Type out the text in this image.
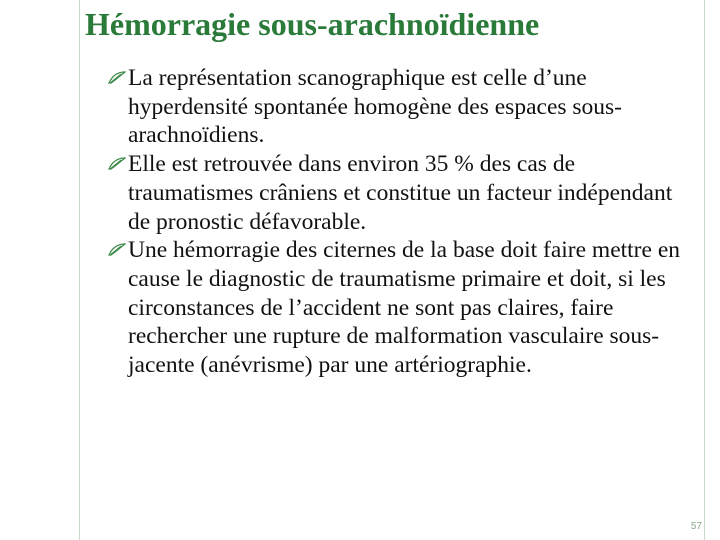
Hémorragie sous-arachnoïdienne
La représentation scanographique est celle d’une hyperdensité spontanée homogène des espaces sous-arachnoïdiens.
Elle est retrouvée dans environ 35 % des cas de traumatismes crâniens et constitue un facteur indépendant de pronostic défavorable.
Une hémorragie des citernes de la base doit faire mettre en cause le diagnostic de traumatisme primaire et doit, si les circonstances de l’accident ne sont pas claires, faire rechercher une rupture de malformation vasculaire sous-jacente (anévrisme) par une artériographie.
57
